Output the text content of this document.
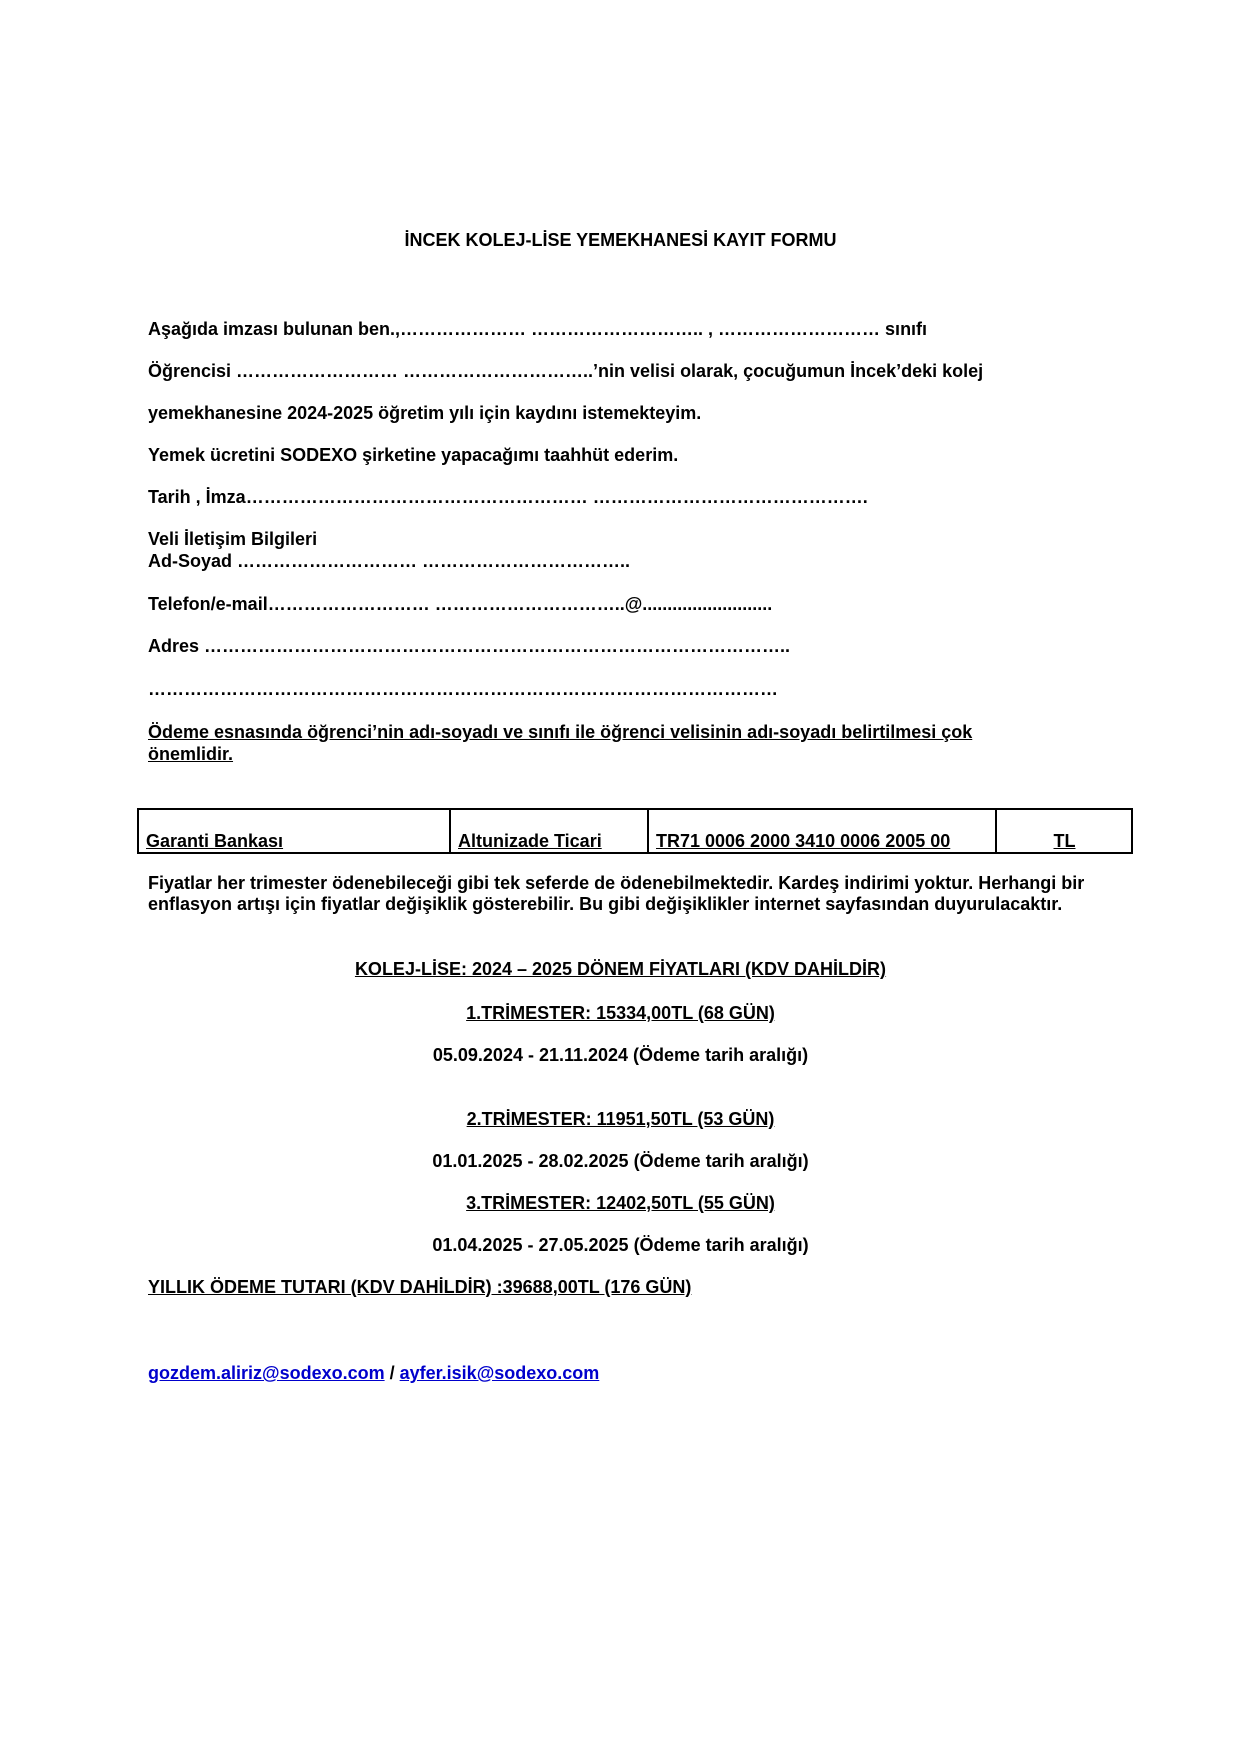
İNCEK KOLEJ-LİSE YEMEKHANESİ KAYIT FORMU
Aşağıda imzası bulunan ben.,………………… ……………………….. , ……………………… sınıfı
Öğrencisi ……………………… …………………………..’nin velisi olarak, çocuğumun İncek’deki kolej
yemekhanesine 2024-2025 öğretim yılı için kaydını istemekteyim.
Yemek ücretini SODEXO şirketine yapacağımı taahhüt ederim.
Tarih , İmza………………………………………………… ……………………………………….
Veli İletişim Bilgileri
Ad-Soyad ………………………… ……………………………..
Telefon/e-mail……………………… …………………………..@..........................
Adres ……………………………………………………………………………………..
……………………………………………………………………………………………
Ödeme esnasında öğrenci’nin adı-soyadı ve sınıfı ile öğrenci velisinin adı-soyadı belirtilmesi çok önemlidir.
Garanti Bankası	Altunizade Ticari	TR71 0006 2000 3410 0006 2005 00	TL
Fiyatlar her trimester ödenebileceği gibi tek seferde de ödenebilmektedir. Kardeş indirimi yoktur. Herhangi bir enflasyon artışı için fiyatlar değişiklik gösterebilir. Bu gibi değişiklikler internet sayfasından duyurulacaktır.
KOLEJ-LİSE: 2024 – 2025 DÖNEM FİYATLARI (KDV DAHİLDİR)
1.TRİMESTER: 15334,00TL (68 GÜN)
05.09.2024 - 21.11.2024 (Ödeme tarih aralığı)
2.TRİMESTER: 11951,50TL (53 GÜN)
01.01.2025 - 28.02.2025 (Ödeme tarih aralığı)
3.TRİMESTER: 12402,50TL (55 GÜN)
01.04.2025 - 27.05.2025 (Ödeme tarih aralığı)
YILLIK ÖDEME TUTARI (KDV DAHİLDİR) :39688,00TL (176 GÜN)
gozdem.aliriz@sodexo.com / ayfer.isik@sodexo.com
